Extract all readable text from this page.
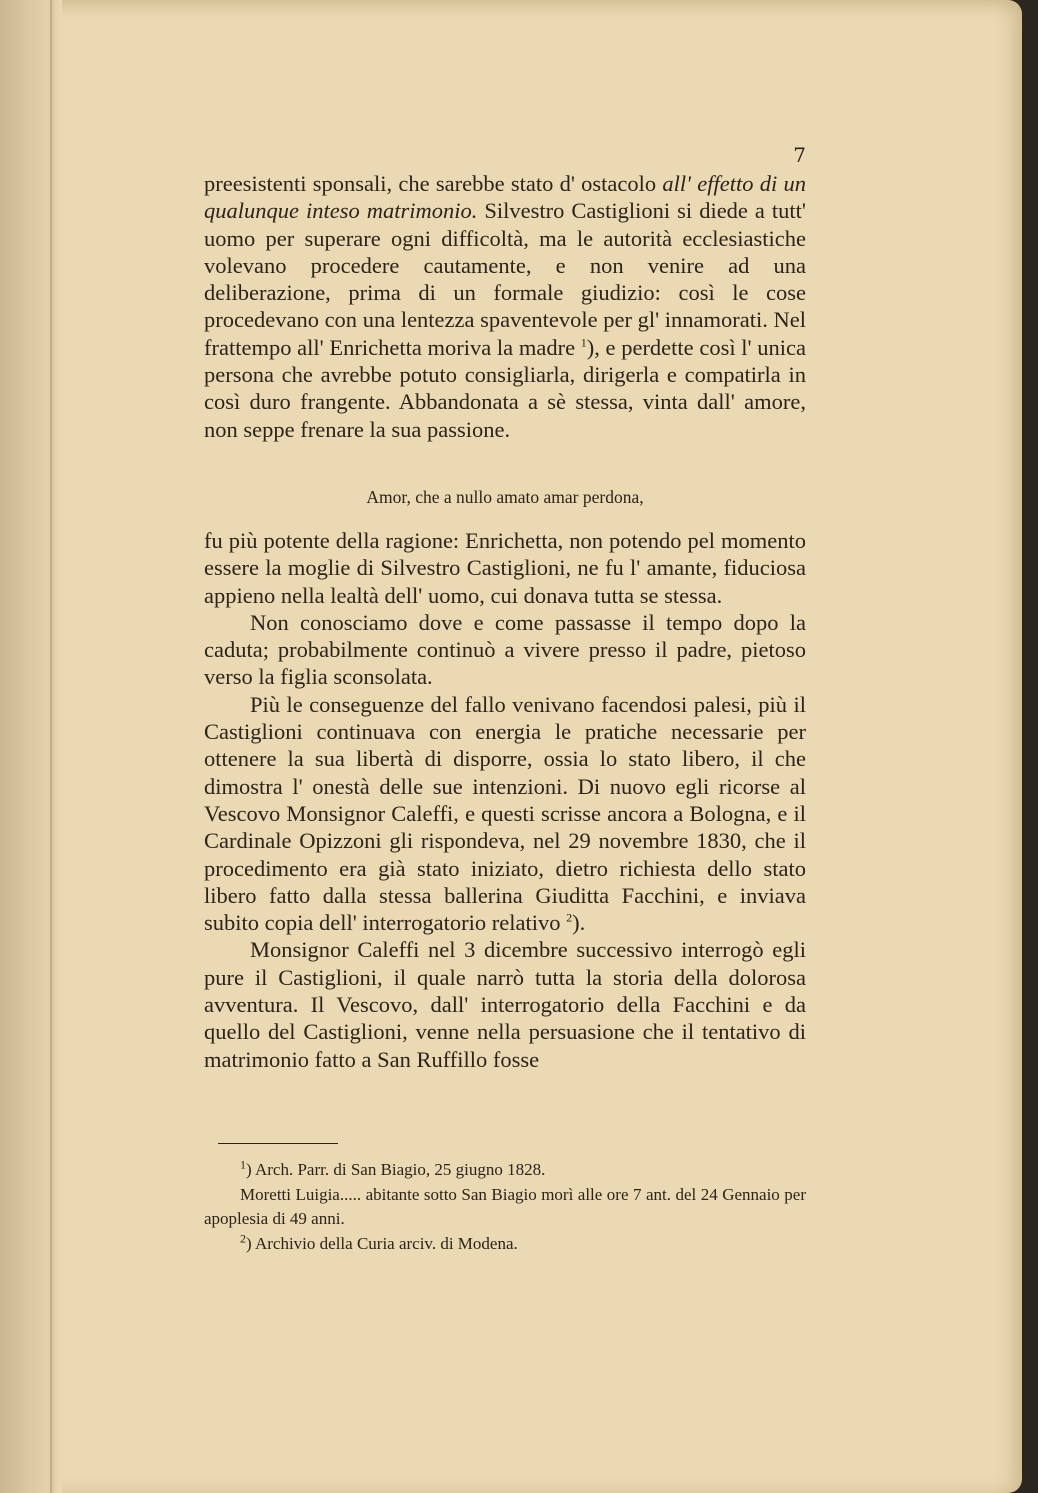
7

preesistenti sponsali, che sarebbe stato d' ostacolo all' effetto di un qualunque inteso matrimonio. Silvestro Castiglioni si diede a tutt' uomo per superare ogni difficoltà, ma le autorità ecclesiastiche volevano procedere cautamente, e non venire ad una deliberazione, prima di un formale giudizio: così le cose procedevano con una lentezza spaventevole per gl' innamorati. Nel frattempo all' Enrichetta moriva la madre $^1$), e perdette così l' unica persona che avrebbe potuto consigliarla, dirigerla e compatirla in così duro frangente. Abbandonata a sè stessa, vinta dall' amore, non seppe frenare la sua passione.

Amor, che a nullo amato amar perdona,

fu più potente della ragione: Enrichetta, non potendo pel momento essere la moglie di Silvestro Castiglioni, ne fu l' amante, fiduciosa appieno nella lealtà dell' uomo, cui donava tutta se stessa.

Non conosciamo dove e come passasse il tempo dopo la caduta; probabilmente continuò a vivere presso il padre, pietoso verso la figlia sconsolata.

Più le conseguenze del fallo venivano facendosi palesi, più il Castiglioni continuava con energia le pratiche necessarie per ottenere la sua libertà di disporre, ossia lo stato libero, il che dimostra l' onestà delle sue intenzioni. Di nuovo egli ricorse al Vescovo Monsignor Caleffi, e questi scrisse ancora a Bologna, e il Cardinale Opizzoni gli rispondeva, nel 29 novembre 1830, che il procedimento era già stato iniziato, dietro richiesta dello stato libero fatto dalla stessa ballerina Giuditta Facchini, e inviava subito copia dell' interrogatorio relativo $^2$).

Monsignor Caleffi nel 3 dicembre successivo interrogò egli pure il Castiglioni, il quale narrò tutta la storia della dolorosa avventura. Il Vescovo, dall' interrogatorio della Facchini e da quello del Castiglioni, venne nella persuasione che il tentativo di matrimonio fatto a San Ruffillo fosse

$^1$) Arch. Parr. di San Biagio, 25 giugno 1828.

Moretti Luigia..... abitante sotto San Biagio morì alle ore 7 ant. del 24 Gennaio per apoplesia di 49 anni.

$^2$) Archivio della Curia arciv. di Modena.
